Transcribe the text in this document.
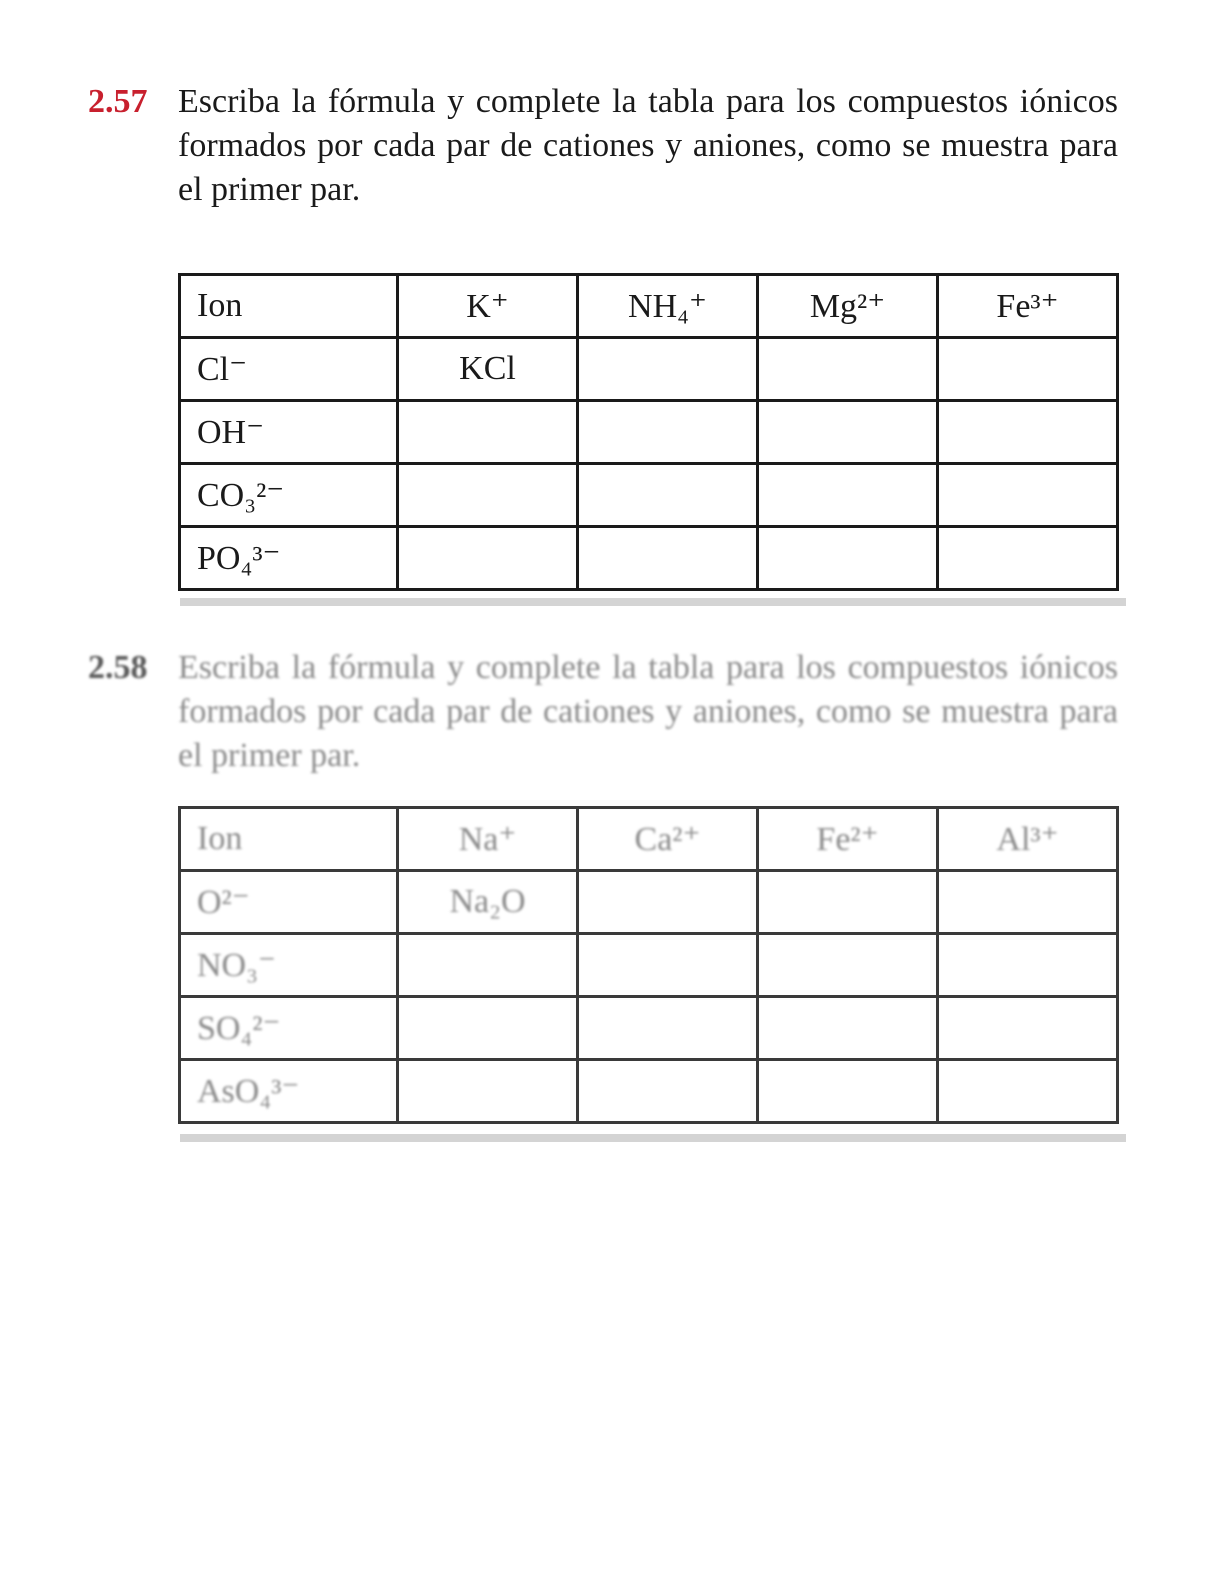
2.57 Escriba la fórmula y complete la tabla para los compuestos iónicos formados por cada par de cationes y aniones, como se muestra para el primer par.
Ion	K⁺	NH₄⁺	Mg²⁺	Fe³⁺
Cl⁻	KCl			
OH⁻				
CO₃²⁻				
PO₄³⁻				
2.58 Escriba la fórmula y complete la tabla para los compuestos iónicos formados por cada par de cationes y aniones, como se muestra para el primer par.
Ion	Na⁺	Ca²⁺	Fe²⁺	Al³⁺
O²⁻	Na₂O			
NO₃⁻				
SO₄²⁻				
AsO₄³⁻				
